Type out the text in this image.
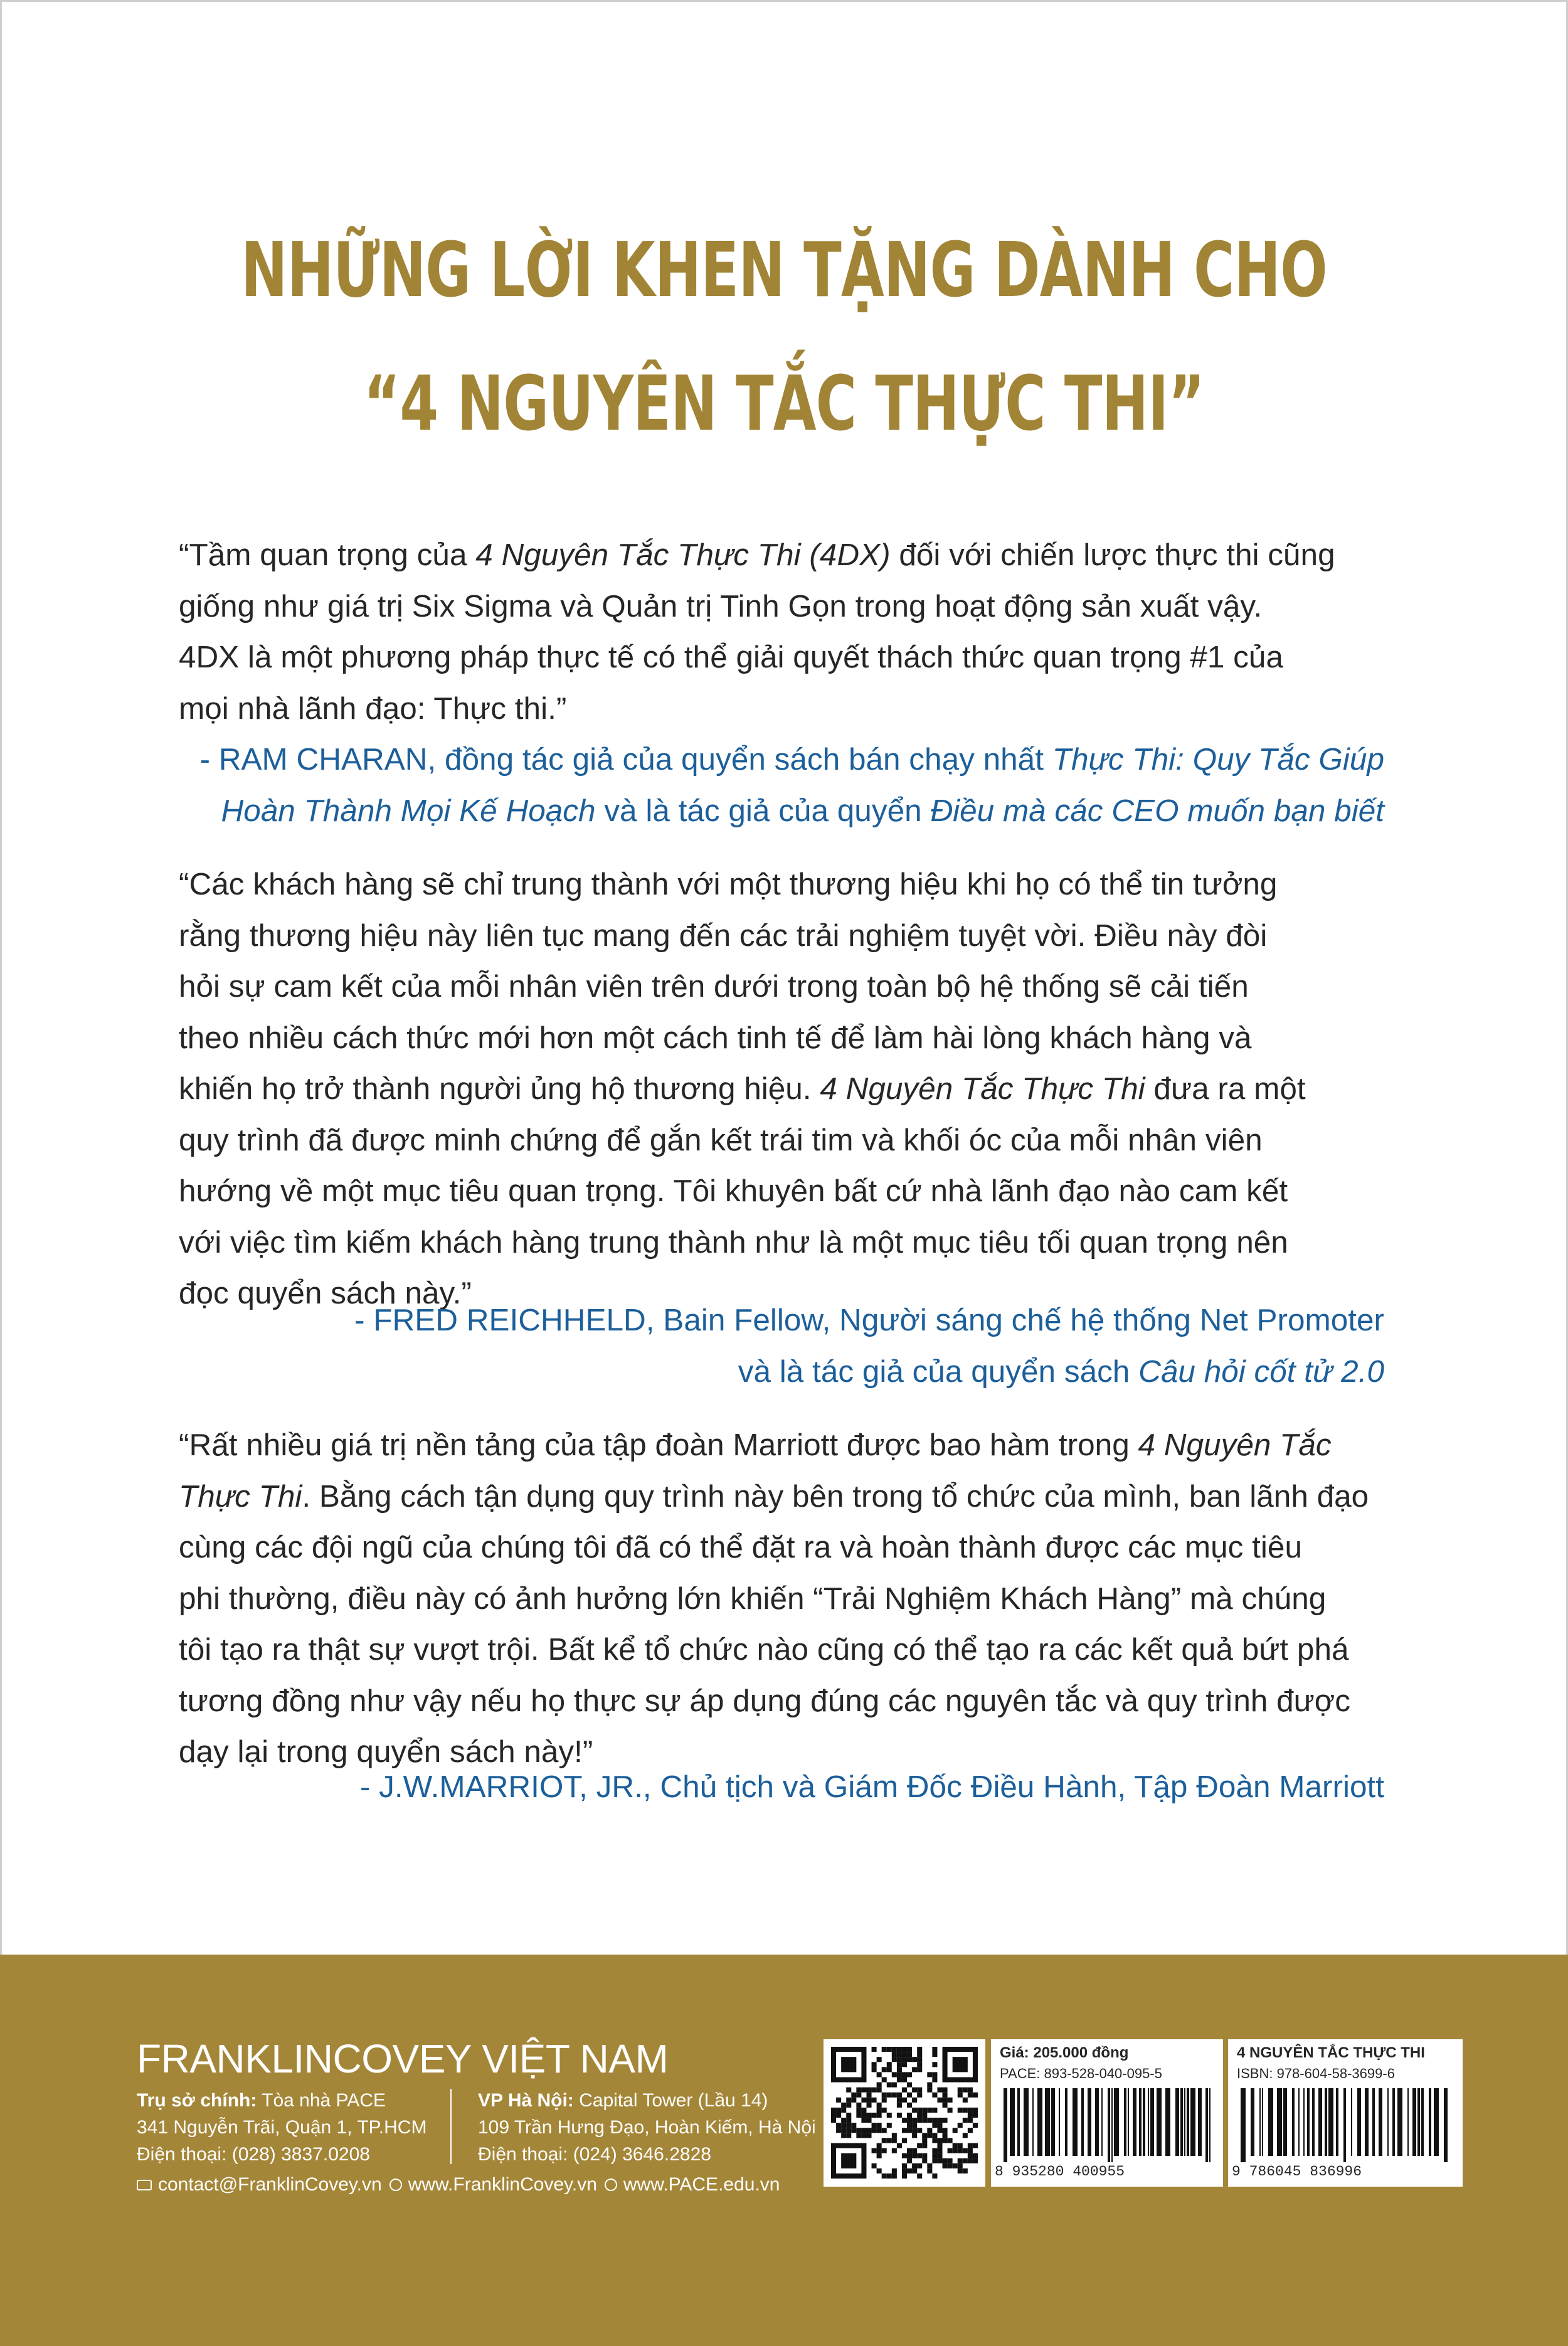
NHỮNG LỜI KHEN TẶNG DÀNH CHO
“4 NGUYÊN TẮC THỰC THI”
“Tầm quan trọng của 4 Nguyên Tắc Thực Thi (4DX) đối với chiến lược thực thi cũng
giống như giá trị Six Sigma và Quản trị Tinh Gọn trong hoạt động sản xuất vậy.
4DX là một phương pháp thực tế có thể giải quyết thách thức quan trọng #1 của
mọi nhà lãnh đạo: Thực thi.”
- RAM CHARAN, đồng tác giả của quyển sách bán chạy nhất Thực Thi: Quy Tắc Giúp
Hoàn Thành Mọi Kế Hoạch và là tác giả của quyển Điều mà các CEO muốn bạn biết
“Các khách hàng sẽ chỉ trung thành với một thương hiệu khi họ có thể tin tưởng
rằng thương hiệu này liên tục mang đến các trải nghiệm tuyệt vời. Điều này đòi
hỏi sự cam kết của mỗi nhân viên trên dưới trong toàn bộ hệ thống sẽ cải tiến
theo nhiều cách thức mới hơn một cách tinh tế để làm hài lòng khách hàng và
khiến họ trở thành người ủng hộ thương hiệu. 4 Nguyên Tắc Thực Thi đưa ra một
quy trình đã được minh chứng để gắn kết trái tim và khối óc của mỗi nhân viên
hướng về một mục tiêu quan trọng. Tôi khuyên bất cứ nhà lãnh đạo nào cam kết
với việc tìm kiếm khách hàng trung thành như là một mục tiêu tối quan trọng nên
đọc quyển sách này.”
- FRED REICHHELD, Bain Fellow, Người sáng chế hệ thống Net Promoter
và là tác giả của quyển sách Câu hỏi cốt tử 2.0
“Rất nhiều giá trị nền tảng của tập đoàn Marriott được bao hàm trong 4 Nguyên Tắc
Thực Thi. Bằng cách tận dụng quy trình này bên trong tổ chức của mình, ban lãnh đạo
cùng các đội ngũ của chúng tôi đã có thể đặt ra và hoàn thành được các mục tiêu
phi thường, điều này có ảnh hưởng lớn khiến “Trải Nghiệm Khách Hàng” mà chúng
tôi tạo ra thật sự vượt trội. Bất kể tổ chức nào cũng có thể tạo ra các kết quả bứt phá
tương đồng như vậy nếu họ thực sự áp dụng đúng các nguyên tắc và quy trình được
dạy lại trong quyển sách này!”
- J.W.MARRIOT, JR., Chủ tịch và Giám Đốc Điều Hành, Tập Đoàn Marriott
FRANKLINCOVEY VIỆT NAM
Trụ sở chính: Tòa nhà PACE
341 Nguyễn Trãi, Quận 1, TP.HCM
Điện thoại: (028) 3837.0208
VP Hà Nội: Capital Tower (Lầu 14)
109 Trần Hưng Đạo, Hoàn Kiếm, Hà Nội
Điện thoại: (024) 3646.2828
contact@FranklinCovey.vn www.FranklinCovey.vn www.PACE.edu.vn
Giá: 205.000 đồng
PACE: 893-528-040-095-5
8 935280 400955
4 NGUYÊN TẮC THỰC THI
ISBN: 978-604-58-3699-6
9 786045 836996
